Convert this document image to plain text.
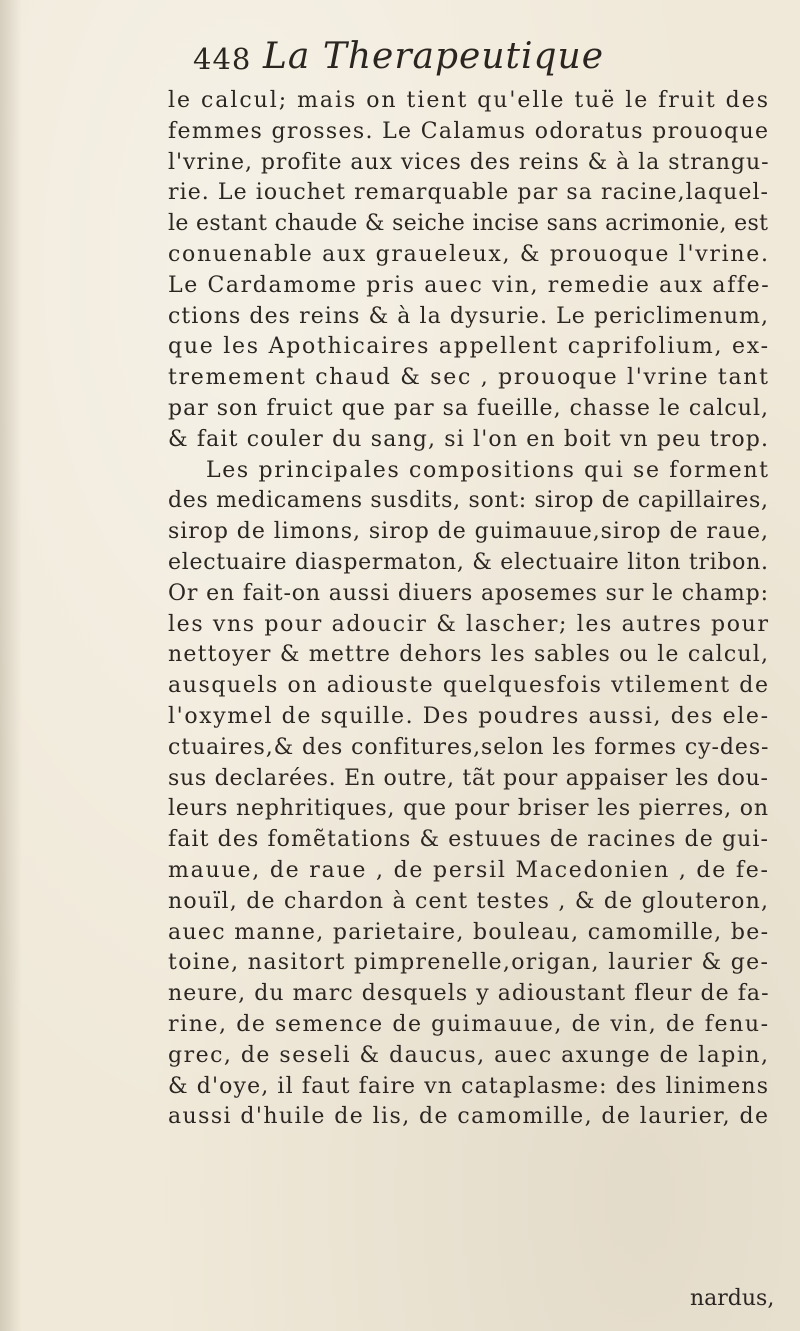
448 La Therapeutique
le calcul; mais on tient qu'elle tuë le fruit des
femmes grosses. Le Calamus odoratus prouoque
l'vrine, profite aux vices des reins & à la strangu-
rie. Le iouchet remarquable par sa racine,laquel-
le estant chaude & seiche incise sans acrimonie, est
conuenable aux graueleux, & prouoque l'vrine.
Le Cardamome pris auec vin, remedie aux affe-
ctions des reins & à la dysurie. Le periclimenum,
que les Apothicaires appellent caprifolium, ex-
tremement chaud & sec , prouoque l'vrine tant
par son fruict que par sa fueille, chasse le calcul,
& fait couler du sang, si l'on en boit vn peu trop.
Les principales compositions qui se forment
des medicamens susdits, sont: sirop de capillaires,
sirop de limons, sirop de guimauue,sirop de raue,
electuaire diaspermaton, & electuaire liton tribon.
Or en fait-on aussi diuers aposemes sur le champ:
les vns pour adoucir & lascher; les autres pour
nettoyer & mettre dehors les sables ou le calcul,
ausquels on adiouste quelquesfois vtilement de
l'oxymel de squille. Des poudres aussi, des ele-
ctuaires,& des confitures,selon les formes cy-des-
sus declarées. En outre, tãt pour appaiser les dou-
leurs nephritiques, que pour briser les pierres, on
fait des fomẽtations & estuues de racines de gui-
mauue, de raue , de persil Macedonien , de fe-
nouïl, de chardon à cent testes , & de glouteron,
auec manne, parietaire, bouleau, camomille, be-
toine, nasitort pimprenelle,origan, laurier & ge-
neure, du marc desquels y adioustant fleur de fa-
rine, de semence de guimauue, de vin, de fenu-
grec, de seseli & daucus, auec axunge de lapin,
& d'oye, il faut faire vn cataplasme: des linimens
aussi d'huile de lis, de camomille, de laurier, de
nardus,
